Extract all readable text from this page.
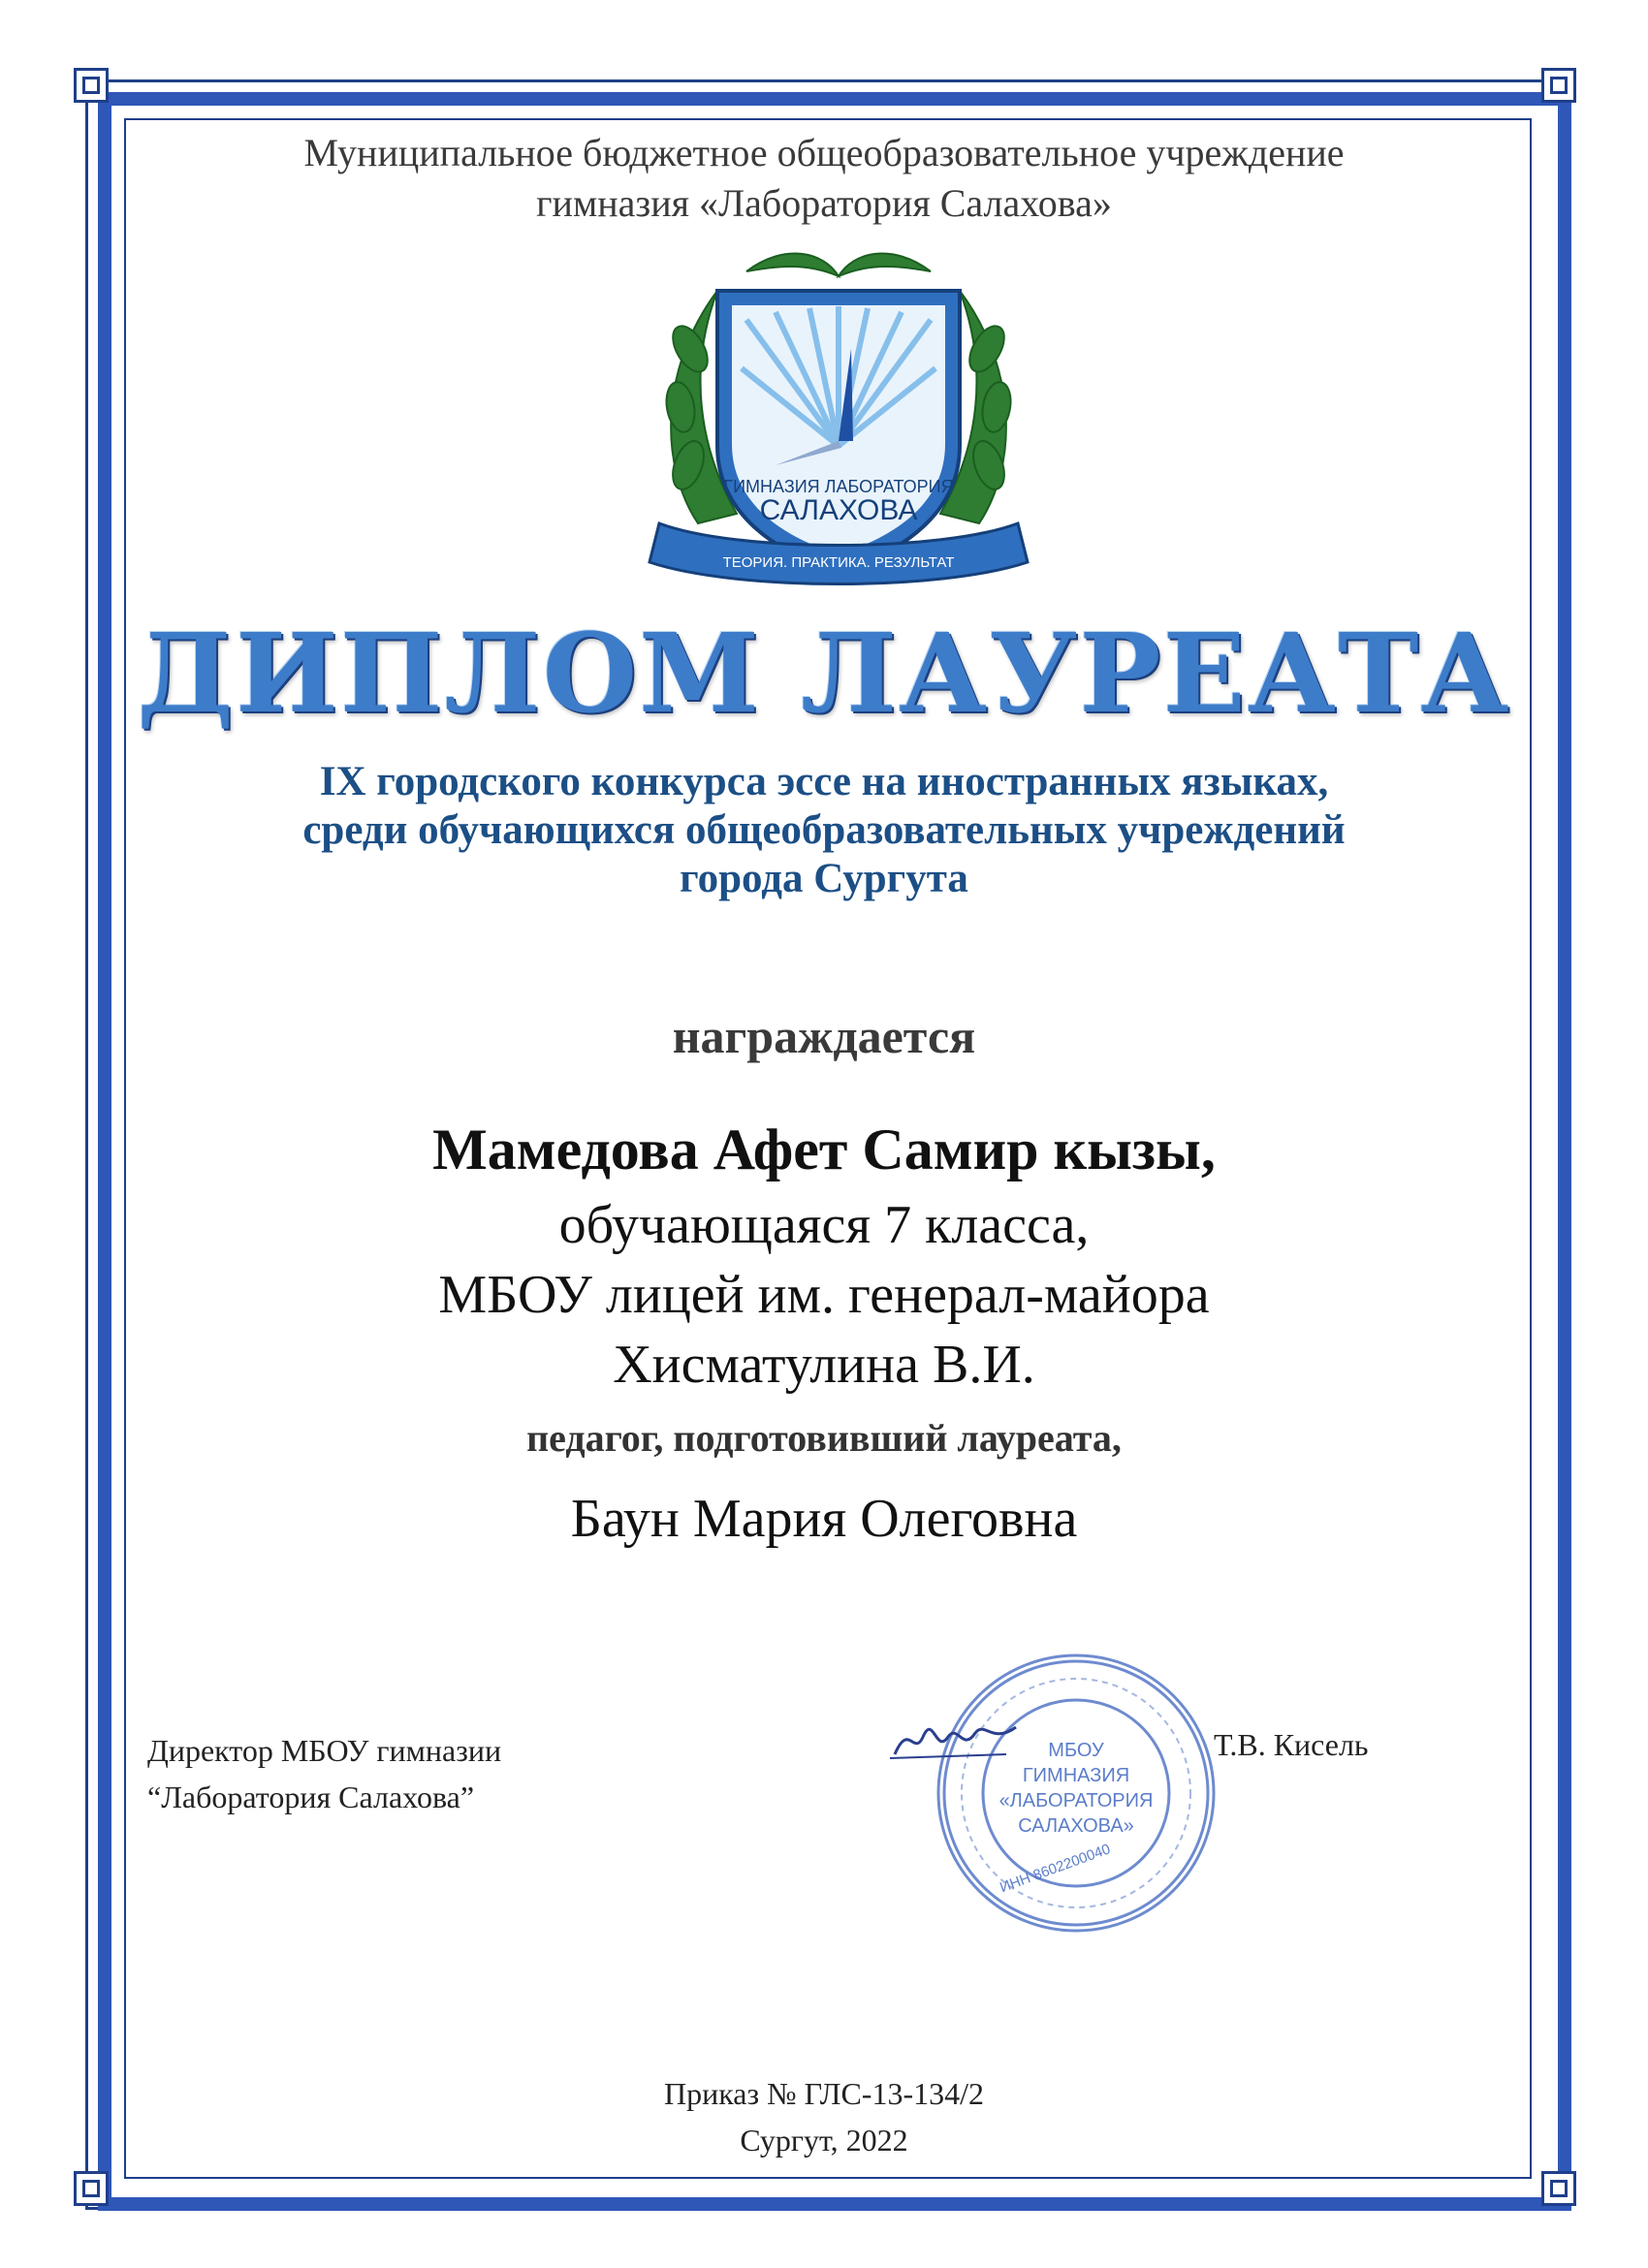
Муниципальное бюджетное общеобразовательное учреждение
гимназия «Лаборатория Салахова»
ГИМНАЗИЯ ЛАБОРАТОРИЯ
САЛАХОВА
ТЕОРИЯ. ПРАКТИКА. РЕЗУЛЬТАТ
ДИПЛОМ ЛАУРЕАТА
IX городского конкурса эссе на иностранных языках,
среди обучающихся общеобразовательных учреждений
города Сургута
награждается
Мамедова Афет Самир кызы,
обучающаяся 7 класса,
МБОУ лицей им. генерал-майора
Хисматулина В.И.
педагог, подготовивший лауреата,
Баун Мария Олеговна
Директор МБОУ гимназии
“Лаборатория Салахова”
Т.В. Кисель
МБОУ
ГИМНАЗИЯ
«ЛАБОРАТОРИЯ
САЛАХОВА»
ИНН 8602200040
Приказ № ГЛС-13-134/2
Сургут, 2022
